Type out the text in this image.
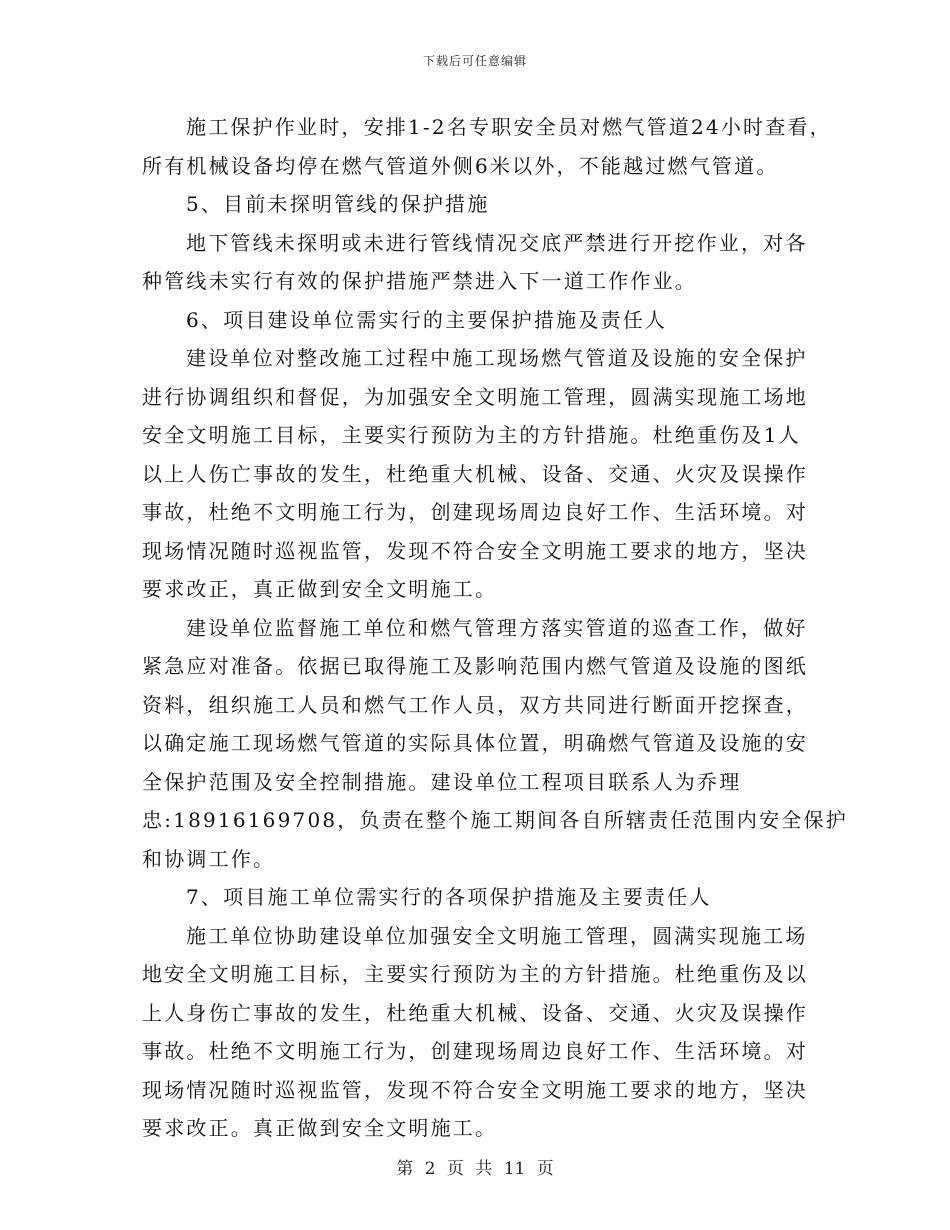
下载后可任意编辑
施工保护作业时，安排1-2名专职安全员对燃气管道24小时查看，
所有机械设备均停在燃气管道外侧6米以外，不能越过燃气管道。
5、目前未探明管线的保护措施
地下管线未探明或未进行管线情况交底严禁进行开挖作业，对各
种管线未实行有效的保护措施严禁进入下一道工作作业。
6、项目建设单位需实行的主要保护措施及责任人
建设单位对整改施工过程中施工现场燃气管道及设施的安全保护
进行协调组织和督促，为加强安全文明施工管理，圆满实现施工场地
安全文明施工目标，主要实行预防为主的方针措施。杜绝重伤及1人
以上人伤亡事故的发生，杜绝重大机械、设备、交通、火灾及误操作
事故，杜绝不文明施工行为，创建现场周边良好工作、生活环境。对
现场情况随时巡视监管，发现不符合安全文明施工要求的地方，坚决
要求改正，真正做到安全文明施工。
建设单位监督施工单位和燃气管理方落实管道的巡查工作，做好
紧急应对准备。依据已取得施工及影响范围内燃气管道及设施的图纸
资料，组织施工人员和燃气工作人员，双方共同进行断面开挖探查，
以确定施工现场燃气管道的实际具体位置，明确燃气管道及设施的安
全保护范围及安全控制措施。建设单位工程项目联系人为乔理
忠:18916169708，负责在整个施工期间各自所辖责任范围内安全保护
和协调工作。
7、项目施工单位需实行的各项保护措施及主要责任人
施工单位协助建设单位加强安全文明施工管理，圆满实现施工场
地安全文明施工目标，主要实行预防为主的方针措施。杜绝重伤及以
上人身伤亡事故的发生，杜绝重大机械、设备、交通、火灾及误操作
事故。杜绝不文明施工行为，创建现场周边良好工作、生活环境。对
现场情况随时巡视监管，发现不符合安全文明施工要求的地方，坚决
要求改正。真正做到安全文明施工。
第 2 页 共 11 页
